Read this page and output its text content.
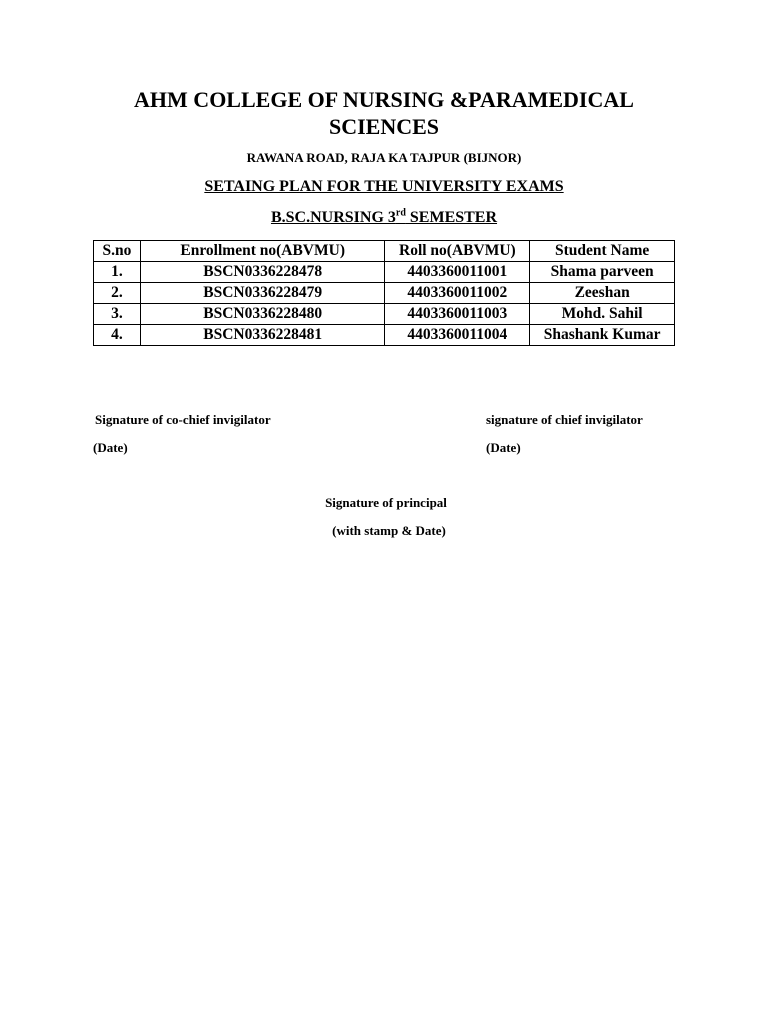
AHM COLLEGE OF NURSING &PARAMEDICAL SCIENCES
RAWANA ROAD, RAJA KA TAJPUR (BIJNOR)
SETAING PLAN FOR THE UNIVERSITY EXAMS
B.SC.NURSING 3rd SEMESTER
S.no	Enrollment no(ABVMU)	Roll no(ABVMU)	Student Name
1.	BSCN0336228478	4403360011001	Shama parveen
2.	BSCN0336228479	4403360011002	Zeeshan
3.	BSCN0336228480	4403360011003	Mohd. Sahil
4.	BSCN0336228481	4403360011004	Shashank Kumar
Signature of co-chief invigilator
(Date)
signature of chief invigilator
(Date)
Signature of principal
(with stamp & Date)
